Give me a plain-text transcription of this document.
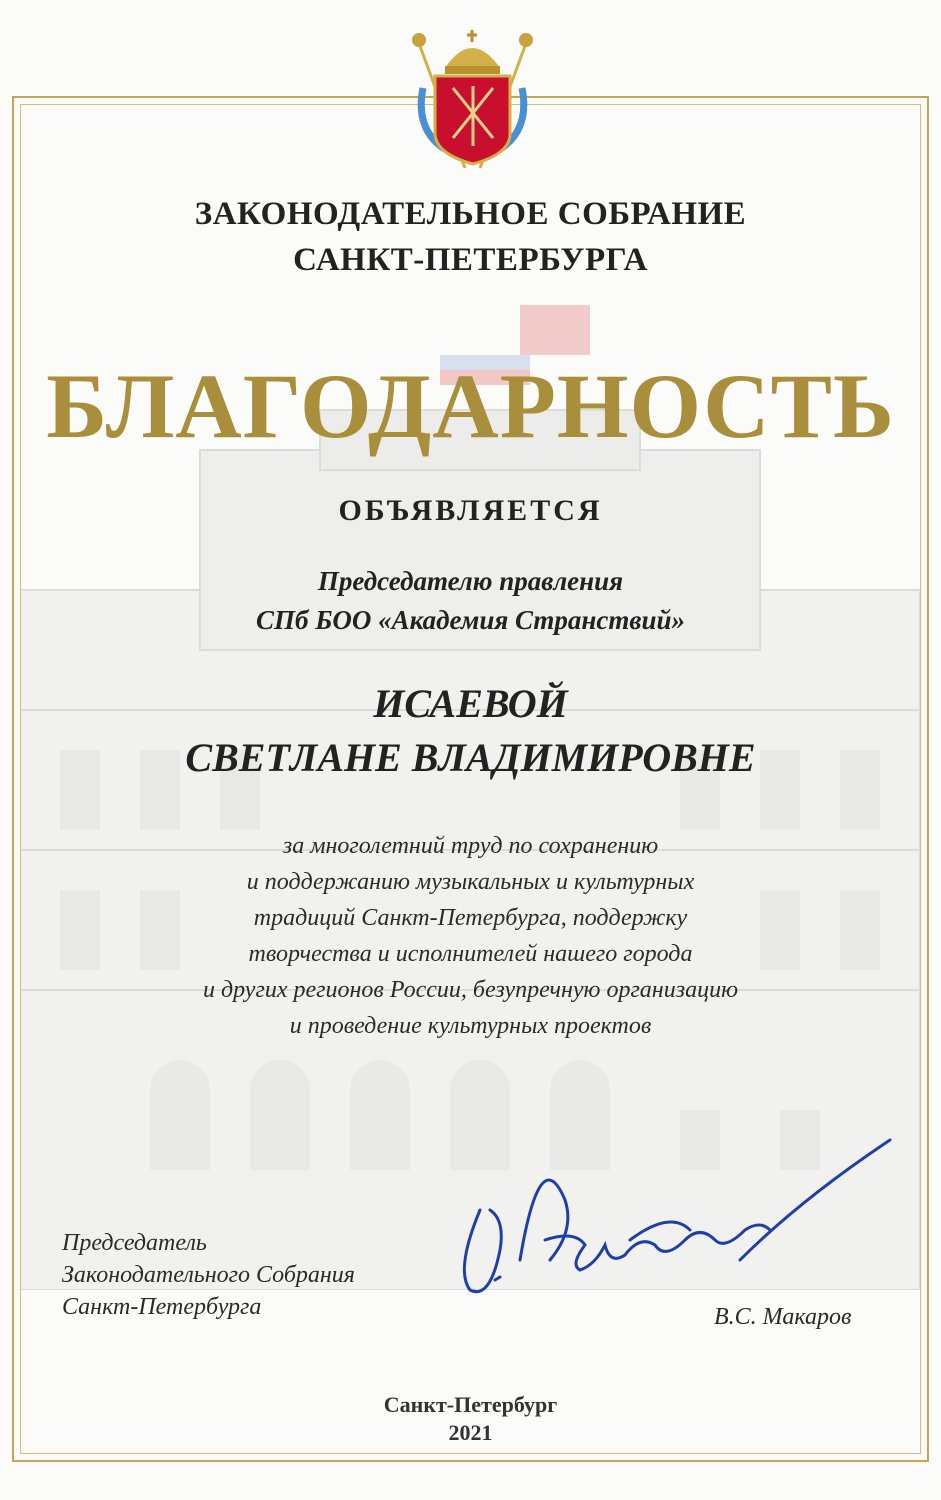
ЗАКОНОДАТЕЛЬНОЕ СОБРАНИЕ
САНКТ-ПЕТЕРБУРГА
БЛАГОДАРНОСТЬ
ОБЪЯВЛЯЕТСЯ
Председателю правления
СПб БОО «Академия Странствий»
ИСАЕВОЙ
СВЕТЛАНЕ ВЛАДИМИРОВНЕ
за многолетний труд по сохранению
и поддержанию музыкальных и культурных
традиций Санкт-Петербурга, поддержку
творчества и исполнителей нашего города
и других регионов России, безупречную организацию
и проведение культурных проектов
Председатель
Законодательного Собрания
Санкт-Петербурга	В.С. Макаров
Санкт-Петербург
2021
